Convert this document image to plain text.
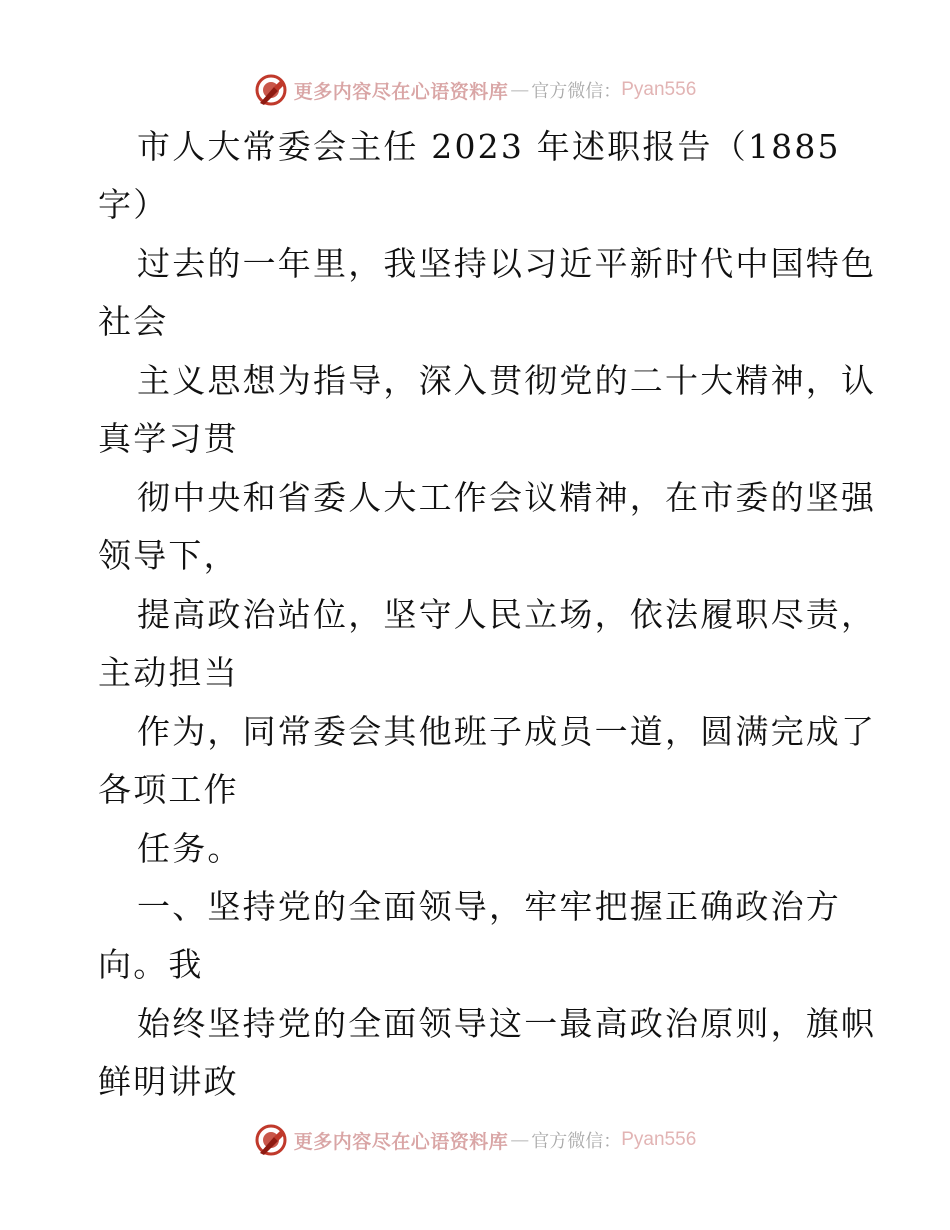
更多内容尽在心语资料库 — 官方微信： Pyan556
市人大常委会主任 2023 年述职报告（1885
字）
过去的一年里，我坚持以习近平新时代中国特色
社会
主义思想为指导，深入贯彻党的二十大精神，认
真学习贯
彻中央和省委人大工作会议精神，在市委的坚强
领导下，
提高政治站位，坚守人民立场，依法履职尽责，
主动担当
作为，同常委会其他班子成员一道，圆满完成了
各项工作
任务。
一、坚持党的全面领导，牢牢把握正确政治方
向。我
始终坚持党的全面领导这一最高政治原则，旗帜
鲜明讲政
更多内容尽在心语资料库 — 官方微信： Pyan556
